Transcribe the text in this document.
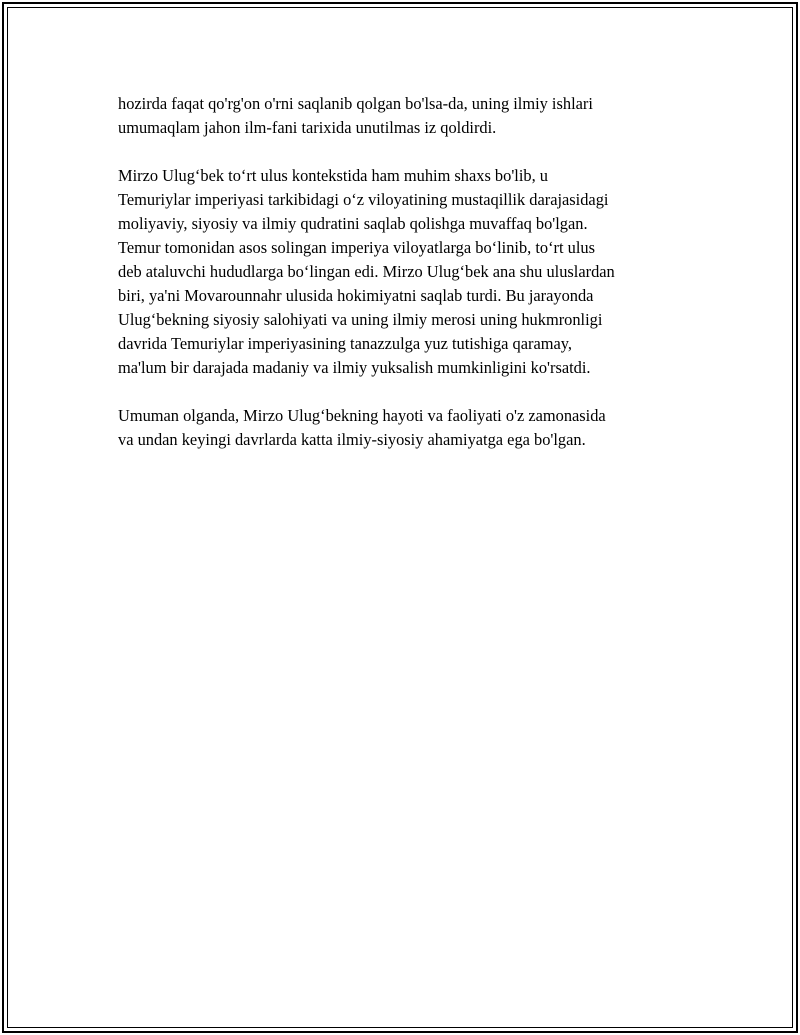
hozirda faqat qo'rg'on o'rni saqlanib qolgan bo'lsa-da, uning ilmiy ishlari
umumaqlam jahon ilm-fani tarixida unutilmas iz qoldirdi.

Mirzo Ulug‘bek to‘rt ulus kontekstida ham muhim shaxs bo'lib, u
Temuriylar imperiyasi tarkibidagi o‘z viloyatining mustaqillik darajasidagi
moliyaviy, siyosiy va ilmiy qudratini saqlab qolishga muvaffaq bo'lgan.
Temur tomonidan asos solingan imperiya viloyatlarga bo‘linib, to‘rt ulus
deb ataluvchi hududlarga bo‘lingan edi. Mirzo Ulug‘bek ana shu uluslardan
biri, ya'ni Movarounnahr ulusida hokimiyatni saqlab turdi. Bu jarayonda
Ulug‘bekning siyosiy salohiyati va uning ilmiy merosi uning hukmronligi
davrida Temuriylar imperiyasining tanazzulga yuz tutishiga qaramay,
ma'lum bir darajada madaniy va ilmiy yuksalish mumkinligini ko'rsatdi.

Umuman olganda, Mirzo Ulug‘bekning hayoti va faoliyati o'z zamonasida
va undan keyingi davrlarda katta ilmiy-siyosiy ahamiyatga ega bo'lgan.
